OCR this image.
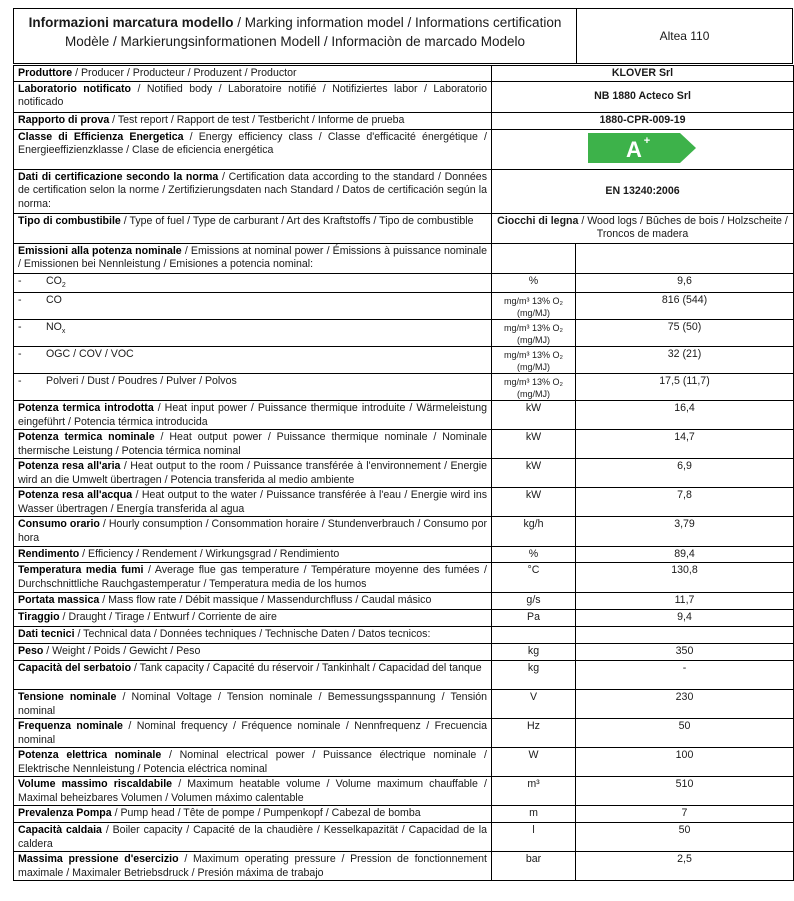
Informazioni marcatura modello / Marking information model / Informations certification
Modèle / Markierungsinformationen Modell / Informaciòn de marcado Modelo	Altea 110
Produttore / Producer / Producteur / Produzent / Productor	KLOVER Srl	
Laboratorio notificato / Notified body / Laboratoire notifié / Notifiziertes labor / Laboratorio notificado	NB 1880 Acteco Srl	
Rapporto di prova / Test report / Rapport de test / Testbericht / Informe de prueba	1880-CPR-009-19	
Classe di Efficienza Energetica / Energy efficiency class / Classe d'efficacité énergétique / Energieeffizienzklasse / Clase de eficiencia energética	A +	

Dati di certificazione secondo la norma / Certification data according to the standard / Données de certification selon la norme / Zertifizierungsdaten nach Standard / Datos de certificación según la norma:	EN 13240:2006	
Tipo di combustibile / Type of fuel / Type de carburant / Art des Kraftstoffs / Tipo de combustible	Ciocchi di legna / Wood logs / Bûches de bois / Holzscheite / Troncos de madera	
Emissioni alla potenza nominale / Emissions at nominal power / Émissions à puissance nominale / Emissionen bei Nennleistung / Emisiones a potencia nominal:		
- $CO_2$	%	9,6
- CO	mg/m³ 13% O₂ (mg/MJ)	816 (544)
- $NO_x$	mg/m³ 13% O₂ (mg/MJ)	75 (50)
- OGC / COV / VOC	mg/m³ 13% O₂ (mg/MJ)	32 (21)
- Polveri / Dust / Poudres / Pulver / Polvos	mg/m³ 13% O₂ (mg/MJ)	17,5 (11,7)
Potenza termica introdotta / Heat input power / Puissance thermique introduite / Wärmeleistung eingeführt / Potencia térmica introducida	kW	16,4
Potenza termica nominale / Heat output power / Puissance thermique nominale / Nominale thermische Leistung / Potencia térmica nominal	kW	14,7
Potenza resa all'aria / Heat output to the room / Puissance transférée à l'environnement / Energie wird an die Umwelt übertragen / Potencia transferida al medio ambiente	kW	6,9
Potenza resa all'acqua / Heat output to the water / Puissance transférée à l'eau / Energie wird ins Wasser übertragen / Energía transferida al agua	kW	7,8
Consumo orario / Hourly consumption / Consommation horaire / Stundenverbrauch / Consumo por hora	kg/h	3,79
Rendimento / Efficiency / Rendement / Wirkungsgrad / Rendimiento	%	89,4
Temperatura media fumi / Average flue gas temperature / Température moyenne des fumées / Durchschnittliche Rauchgastemperatur / Temperatura media de los humos	°C	130,8
Portata massica / Mass flow rate / Débit massique / Massendurchfluss / Caudal másico	g/s	11,7
Tiraggio / Draught / Tirage / Entwurf / Corriente de aire	Pa	9,4
Dati tecnici / Technical data / Données techniques / Technische Daten / Datos tecnicos:		
Peso / Weight / Poids / Gewicht / Peso	kg	350
Capacità del serbatoio / Tank capacity / Capacité du réservoir / Tankinhalt / Capacidad del tanque	kg	-
Tensione nominale / Nominal Voltage / Tension nominale / Bemessungsspannung / Tensión nominal	V	230
Frequenza nominale / Nominal frequency / Fréquence nominale / Nennfrequenz / Frecuencia nominal	Hz	50
Potenza elettrica nominale / Nominal electrical power / Puissance électrique nominale / Elektrische Nennleistung / Potencia eléctrica nominal	W	100
Volume massimo riscaldabile / Maximum heatable volume / Volume maximum chauffable / Maximal beheizbares Volumen / Volumen máximo calentable	m³	510
Prevalenza Pompa / Pump head / Tête de pompe / Pumpenkopf / Cabezal de bomba	m	7
Capacità caldaia / Boiler capacity / Capacité de la chaudière / Kesselkapazität / Capacidad de la caldera	l	50
Massima pressione d'esercizio / Maximum operating pressure / Pression de fonctionnement maximale / Maximaler Betriebsdruck / Presión máxima de trabajo	bar	2,5
